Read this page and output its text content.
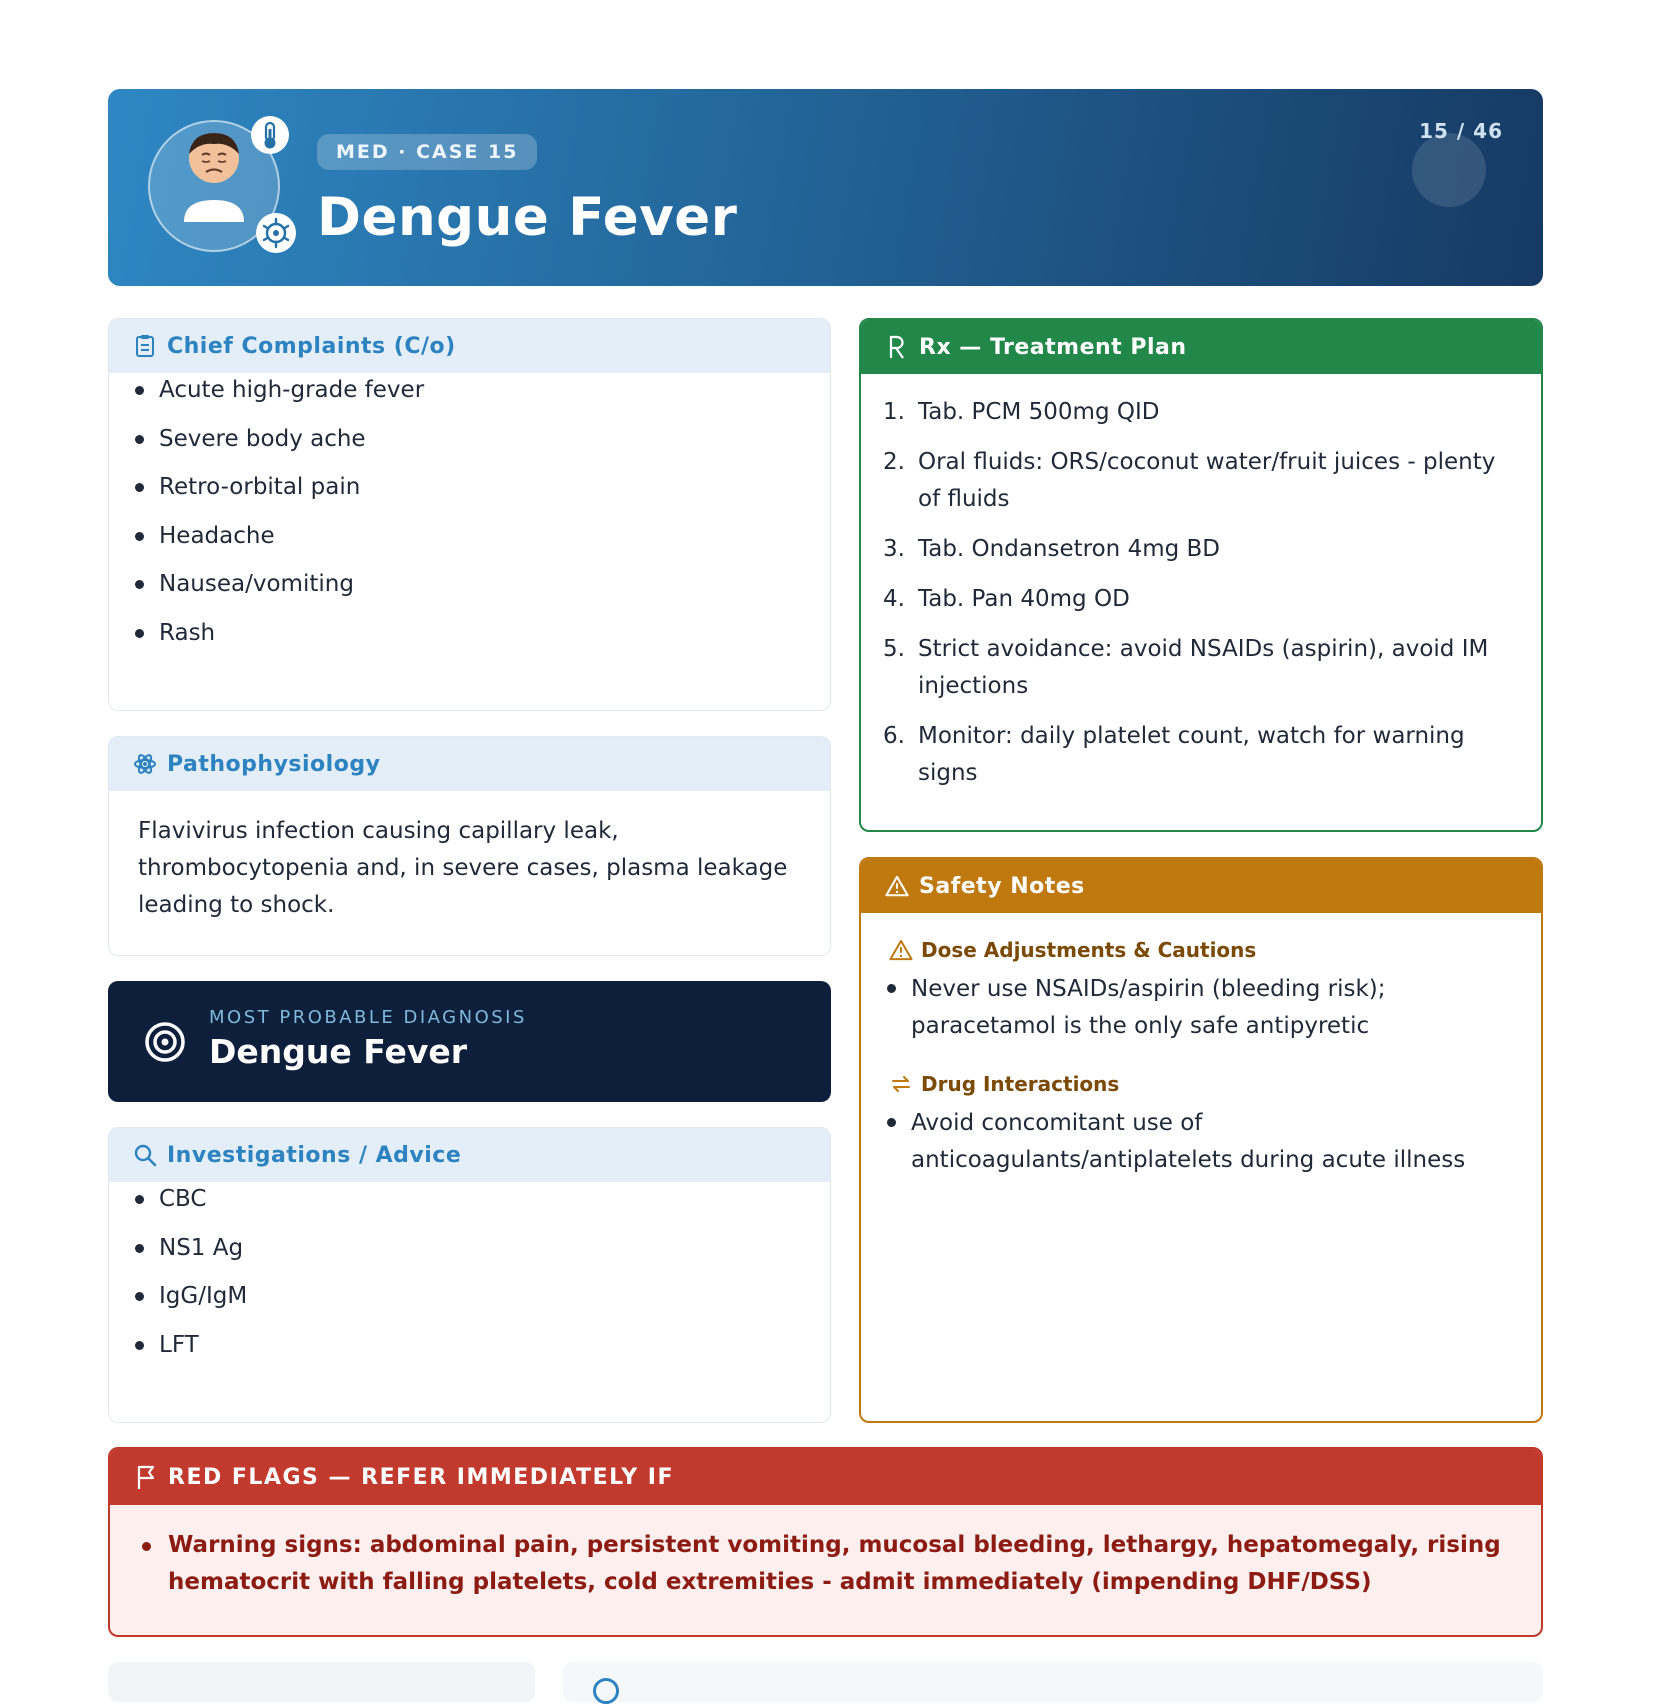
MED · CASE 15
Dengue Fever
15 / 46
Chief Complaints (C/o)
Acute high-grade fever
Severe body ache
Retro-orbital pain
Headache
Nausea/vomiting
Rash
Pathophysiology
Flavivirus infection causing capillary leak, thrombocytopenia and, in severe cases, plasma leakage leading to shock.
MOST PROBABLE DIAGNOSIS
Dengue Fever
Investigations / Advice
CBC
NS1 Ag
IgG/IgM
LFT
Rx — Treatment Plan
1. Tab. PCM 500mg QID
2. Oral fluids: ORS/coconut water/fruit juices - plenty of fluids
3. Tab. Ondansetron 4mg BD
4. Tab. Pan 40mg OD
5. Strict avoidance: avoid NSAIDs (aspirin), avoid IM injections
6. Monitor: daily platelet count, watch for warning signs
Safety Notes
Dose Adjustments & Cautions
Never use NSAIDs/aspirin (bleeding risk); paracetamol is the only safe antipyretic
Drug Interactions
Avoid concomitant use of anticoagulants/antiplatelets during acute illness
RED FLAGS — REFER IMMEDIATELY IF
Warning signs: abdominal pain, persistent vomiting, mucosal bleeding, lethargy, hepatomegaly, rising hematocrit with falling platelets, cold extremities - admit immediately (impending DHF/DSS)
